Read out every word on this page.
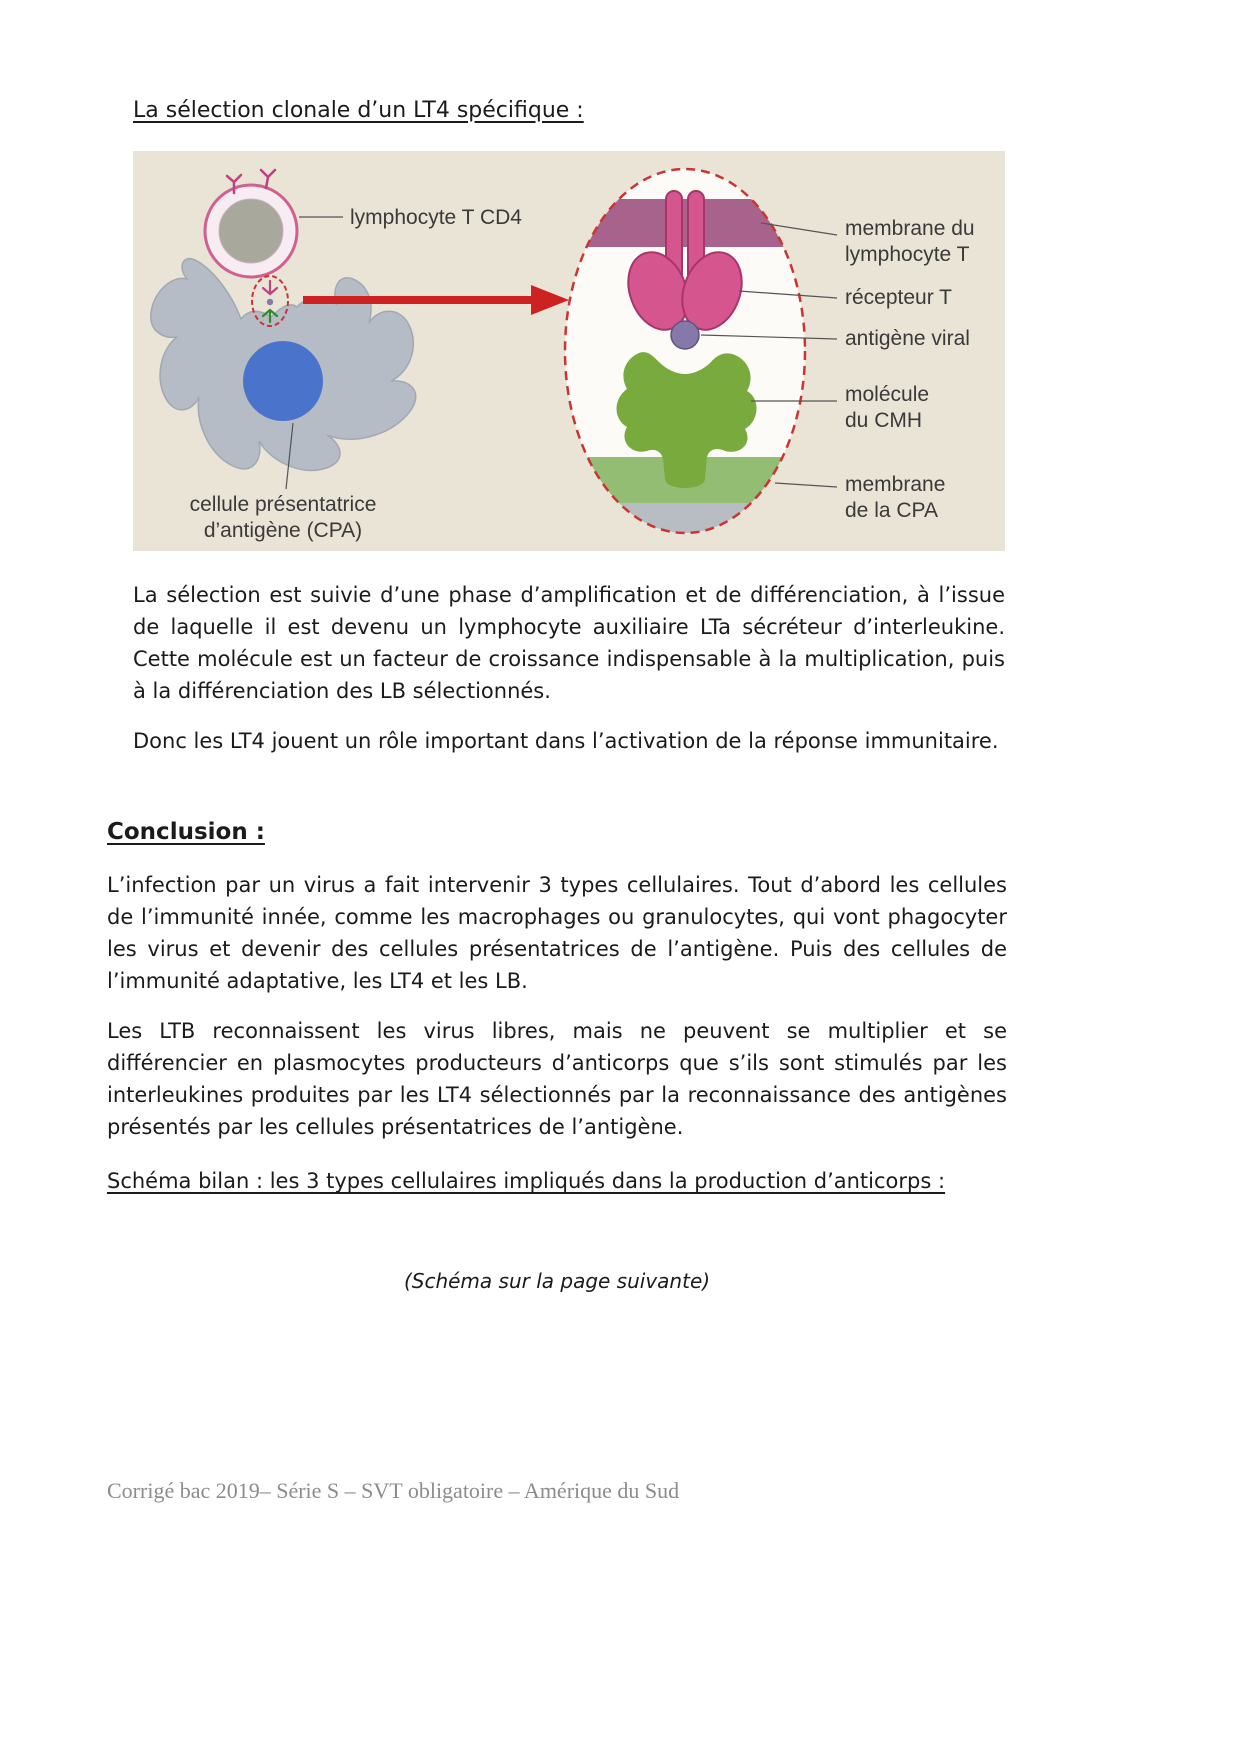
La sélection clonale d’un LT4 spécifique :
lymphocyte T CD4	membrane du
lymphocyte T
récepteur T
antigène viral
molécule
du CMH
membrane
de la CPA
cellule présentatrice
d’antigène (CPA)

La sélection est suivie d’une phase d’amplification et de différenciation, à l’issue de laquelle il est devenu un lymphocyte auxiliaire LTa sécréteur d’interleukine. Cette molécule est un facteur de croissance indispensable à la multiplication, puis à la différenciation des LB sélectionnés.

Donc les LT4 jouent un rôle important dans l’activation de la réponse immunitaire.

Conclusion :

L’infection par un virus a fait intervenir 3 types cellulaires. Tout d’abord les cellules de l’immunité innée, comme les macrophages ou granulocytes, qui vont phagocyter les virus et devenir des cellules présentatrices de l’antigène. Puis des cellules de l’immunité adaptative, les LT4 et les LB.

Les LTB reconnaissent les virus libres, mais ne peuvent se multiplier et se différencier en plasmocytes producteurs d’anticorps que s’ils sont stimulés par les interleukines produites par les LT4 sélectionnés par la reconnaissance des antigènes présentés par les cellules présentatrices de l’antigène.

Schéma bilan : les 3 types cellulaires impliqués dans la production d’anticorps :

(Schéma sur la page suivante)

Corrigé bac 2019– Série S – SVT obligatoire – Amérique du Sud
